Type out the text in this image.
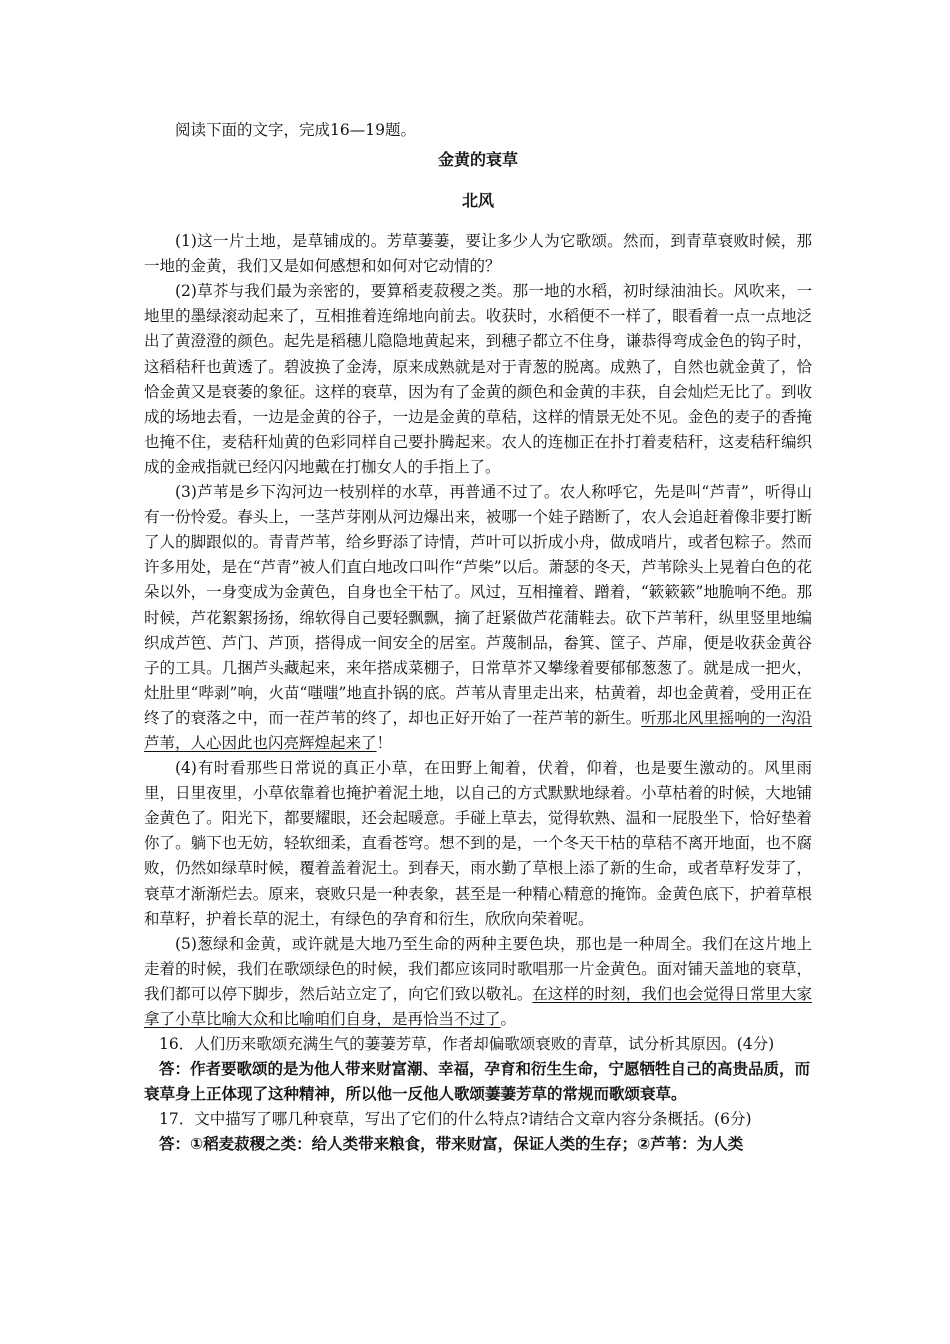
阅读下面的文字，完成16—19题。

金黄的衰草

北风

(1)这一片土地，是草铺成的。芳草萋萋，要让多少人为它歌颂。然而，到青草衰败时候，那一地的金黄，我们又是如何感想和如何对它动情的？

(2)草芥与我们最为亲密的，要算稻麦菽稷之类。那一地的水稻，初时绿油油长。风吹来，一地里的墨绿滚动起来了，互相推着连绵地向前去。收获时，水稻便不一样了，眼看着一点一点地泛出了黄澄澄的颜色。起先是稻穗儿隐隐地黄起来，到穗子都立不住身，谦恭得弯成金色的钩子时，这稻秸秆也黄透了。碧波换了金涛，原来成熟就是对于青葱的脱离。成熟了，自然也就金黄了，恰恰金黄又是衰萎的象征。这样的衰草，因为有了金黄的颜色和金黄的丰获，自会灿烂无比了。到收成的场地去看，一边是金黄的谷子，一边是金黄的草秸，这样的情景无处不见。金色的麦子的香掩也掩不住，麦秸秆灿黄的色彩同样自己要扑腾起来。农人的连枷正在扑打着麦秸秆，这麦秸秆编织成的金戒指就已经闪闪地戴在打枷女人的手指上了。

(3)芦苇是乡下沟河边一枝别样的水草，再普通不过了。农人称呼它，先是叫“芦青”，听得山有一份怜爱。春头上，一茎芦芽刚从河边爆出来，被哪一个娃子踏断了，农人会追赶着像非要打断了人的脚跟似的。青青芦苇，给乡野添了诗情，芦叶可以折成小舟，做成哨片，或者包粽子。然而许多用处，是在“芦青”被人们直白地改口叫作“芦柴”以后。萧瑟的冬天，芦苇除头上晃着白色的花朵以外，一身变成为金黄色，自身也全干枯了。风过，互相撞着、蹭着，“簌簌簌”地脆响不绝。那时候，芦花絮絮扬扬，绵软得自己要轻飘飘，摘了赶紧做芦花蒲鞋去。砍下芦苇秆，纵里竖里地编织成芦笆、芦门、芦顶，搭得成一间安全的居室。芦蔑制品，畚箕、筐子、芦扉，便是收获金黄谷子的工具。几捆芦头藏起来，来年搭成菜棚子，日常草芥又攀缘着要郁郁葱葱了。就是成一把火，灶肚里“哔剥”响，火苗“嗤嗤”地直扑锅的底。芦苇从青里走出来，枯黄着，却也金黄着，受用正在终了的衰落之中，而一茬芦苇的终了，却也正好开始了一茬芦苇的新生。听那北风里摇响的一沟沿芦苇，人心因此也闪亮辉煌起来了！

(4)有时看那些日常说的真正小草，在田野上匍着，伏着，仰着，也是要生激动的。风里雨里，日里夜里，小草依靠着也掩护着泥土地，以自己的方式默默地绿着。小草枯着的时候，大地铺金黄色了。阳光下，都要耀眼，还会起暖意。手碰上草去，觉得软熟、温和一屁股坐下，恰好垫着你了。躺下也无妨，轻软细柔，直看苍穹。想不到的是，一个冬天干枯的草秸不离开地面，也不腐败，仍然如绿草时候，覆着盖着泥土。到春天，雨水勤了草根上添了新的生命，或者草籽发芽了，衰草才渐渐烂去。原来，衰败只是一种表象，甚至是一种精心精意的掩饰。金黄色底下，护着草根和草籽，护着长草的泥土，有绿色的孕育和衍生，欣欣向荣着呢。

(5)葱绿和金黄，或许就是大地乃至生命的两种主要色块，那也是一种周全。我们在这片地上走着的时候，我们在歌颂绿色的时候，我们都应该同时歌唱那一片金黄色。面对铺天盖地的衰草，我们都可以停下脚步，然后站立定了，向它们致以敬礼。在这样的时刻，我们也会觉得日常里大家拿了小草比喻大众和比喻咱们自身，是再恰当不过了。

16．人们历来歌颂充满生气的萋萋芳草，作者却偏歌颂衰败的青草，试分析其原因。(4分)

答：作者要歌颂的是为他人带来财富潮、幸福，孕育和衍生生命，宁愿牺牲自己的高贵品质，而衰草身上正体现了这种精神，所以他一反他人歌颂萋萋芳草的常规而歌颂衰草。

17．文中描写了哪几种衰草，写出了它们的什么特点?请结合文章内容分条概括。(6分)

答：①稻麦菽稷之类：给人类带来粮食，带来财富，保证人类的生存；②芦苇：为人类
